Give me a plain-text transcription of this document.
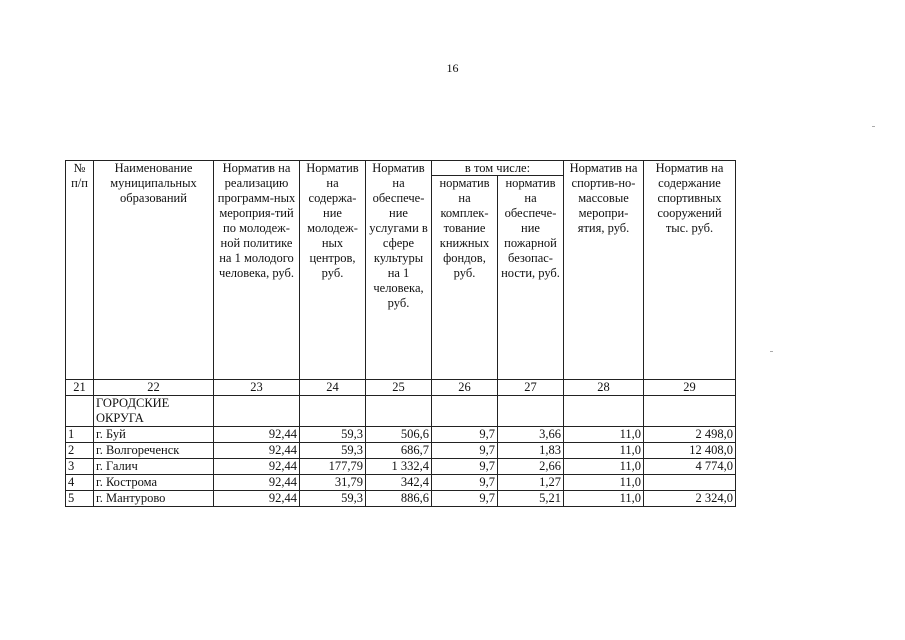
16
№ п/п	Наименование муниципальных образований	Норматив на реализацию программ-ных мероприя-тий по молодеж-ной политике на 1 молодого человека, руб.	Норматив на содержа-ние молодеж-ных центров, руб.	Норматив на обеспече-ние услугами в сфере культуры на 1 человека, руб.	в том числе:		Норматив на спортив-но-массовые меропри-ятия, руб.	Норматив на содержание спортивных сооружений тыс. руб.
					норматив на комплек-тование книжных фондов, руб.	норматив на обеспече-ние пожарной безопас-ности, руб.		
21	22	23	24	25	26	27	28	29
	ГОРОДСКИЕ ОКРУГА							
1	г. Буй	92,44	59,3	506,6	9,7	3,66	11,0	2 498,0
2	г. Волгореченск	92,44	59,3	686,7	9,7	1,83	11,0	12 408,0
3	г. Галич	92,44	177,79	1 332,4	9,7	2,66	11,0	4 774,0
4	г. Кострома	92,44	31,79	342,4	9,7	1,27	11,0	
5	г. Мантурово	92,44	59,3	886,6	9,7	5,21	11,0	2 324,0
